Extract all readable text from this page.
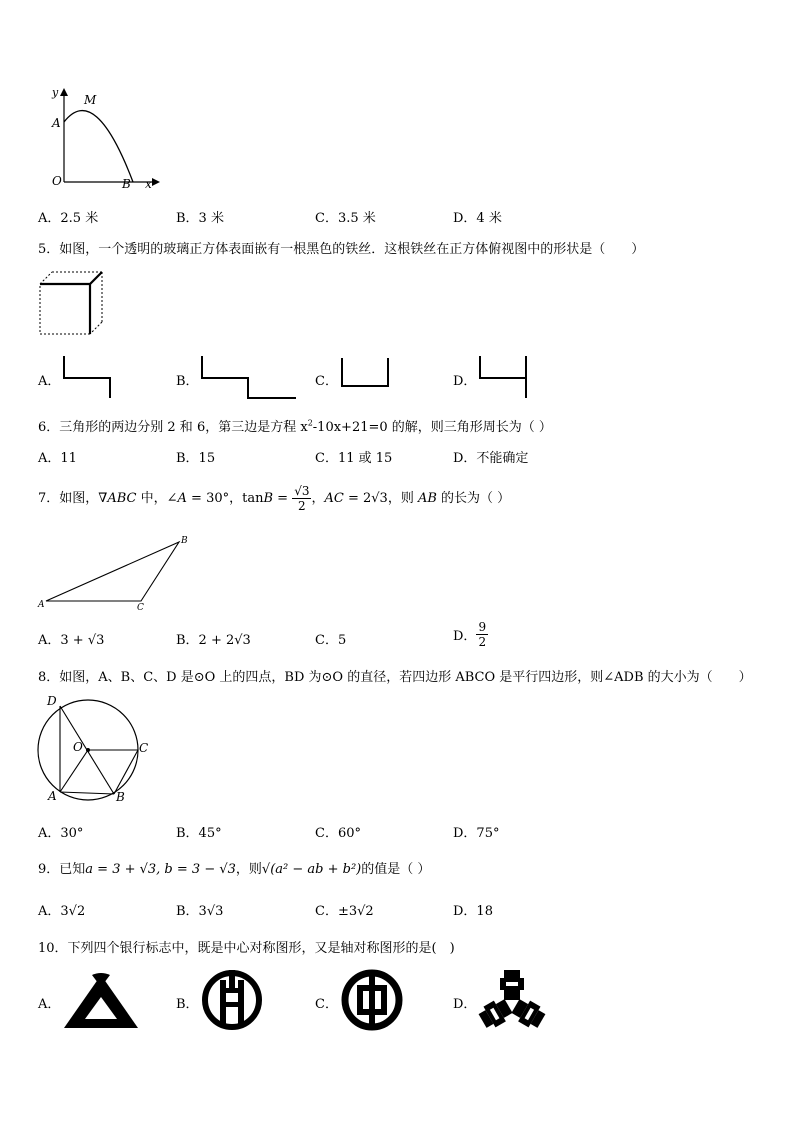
y
M
A
O	B x
A．2.5 米	B．3 米	C．3.5 米	D．4 米
5．如图，一个透明的玻璃正方体表面嵌有一根黑色的铁丝．这根铁丝在正方体俯视图中的形状是（　　）
A．	B．	C．	D．
6．三角形的两边分别 2 和 6，第三边是方程 $x^2-10x+21=0$ 的解，则三角形周长为（ ）
A．11	B．15	C．11 或 15	D．不能确定
7．如图，∇ABC 中，∠A = 30°，$\tan B = \frac{√3}{2}$ ，AC = 2√3，则 AB 的长为（ ）
A
B
C
A．3 + √3	B．2 + 2√3	C．5	D． $\frac{9}{2}$
8．如图，A、B、C、D 是⊙O 上的四点，BD 为⊙O 的直径，若四边形 ABCO 是平行四边形，则∠ADB 的大小为（　　）
D
O	C
A	B
A．30°	B．45°	C．60°	D．75°
9．已知a = 3 + √3, b = 3 − √3，则√(a² − ab + b²)的值是（ ）
A．3√2	B．3√3	C．±3√2	D．18
10．下列四个银行标志中，既是中心对称图形，又是轴对称图形的是(　)
A．	B．	C．	D．
